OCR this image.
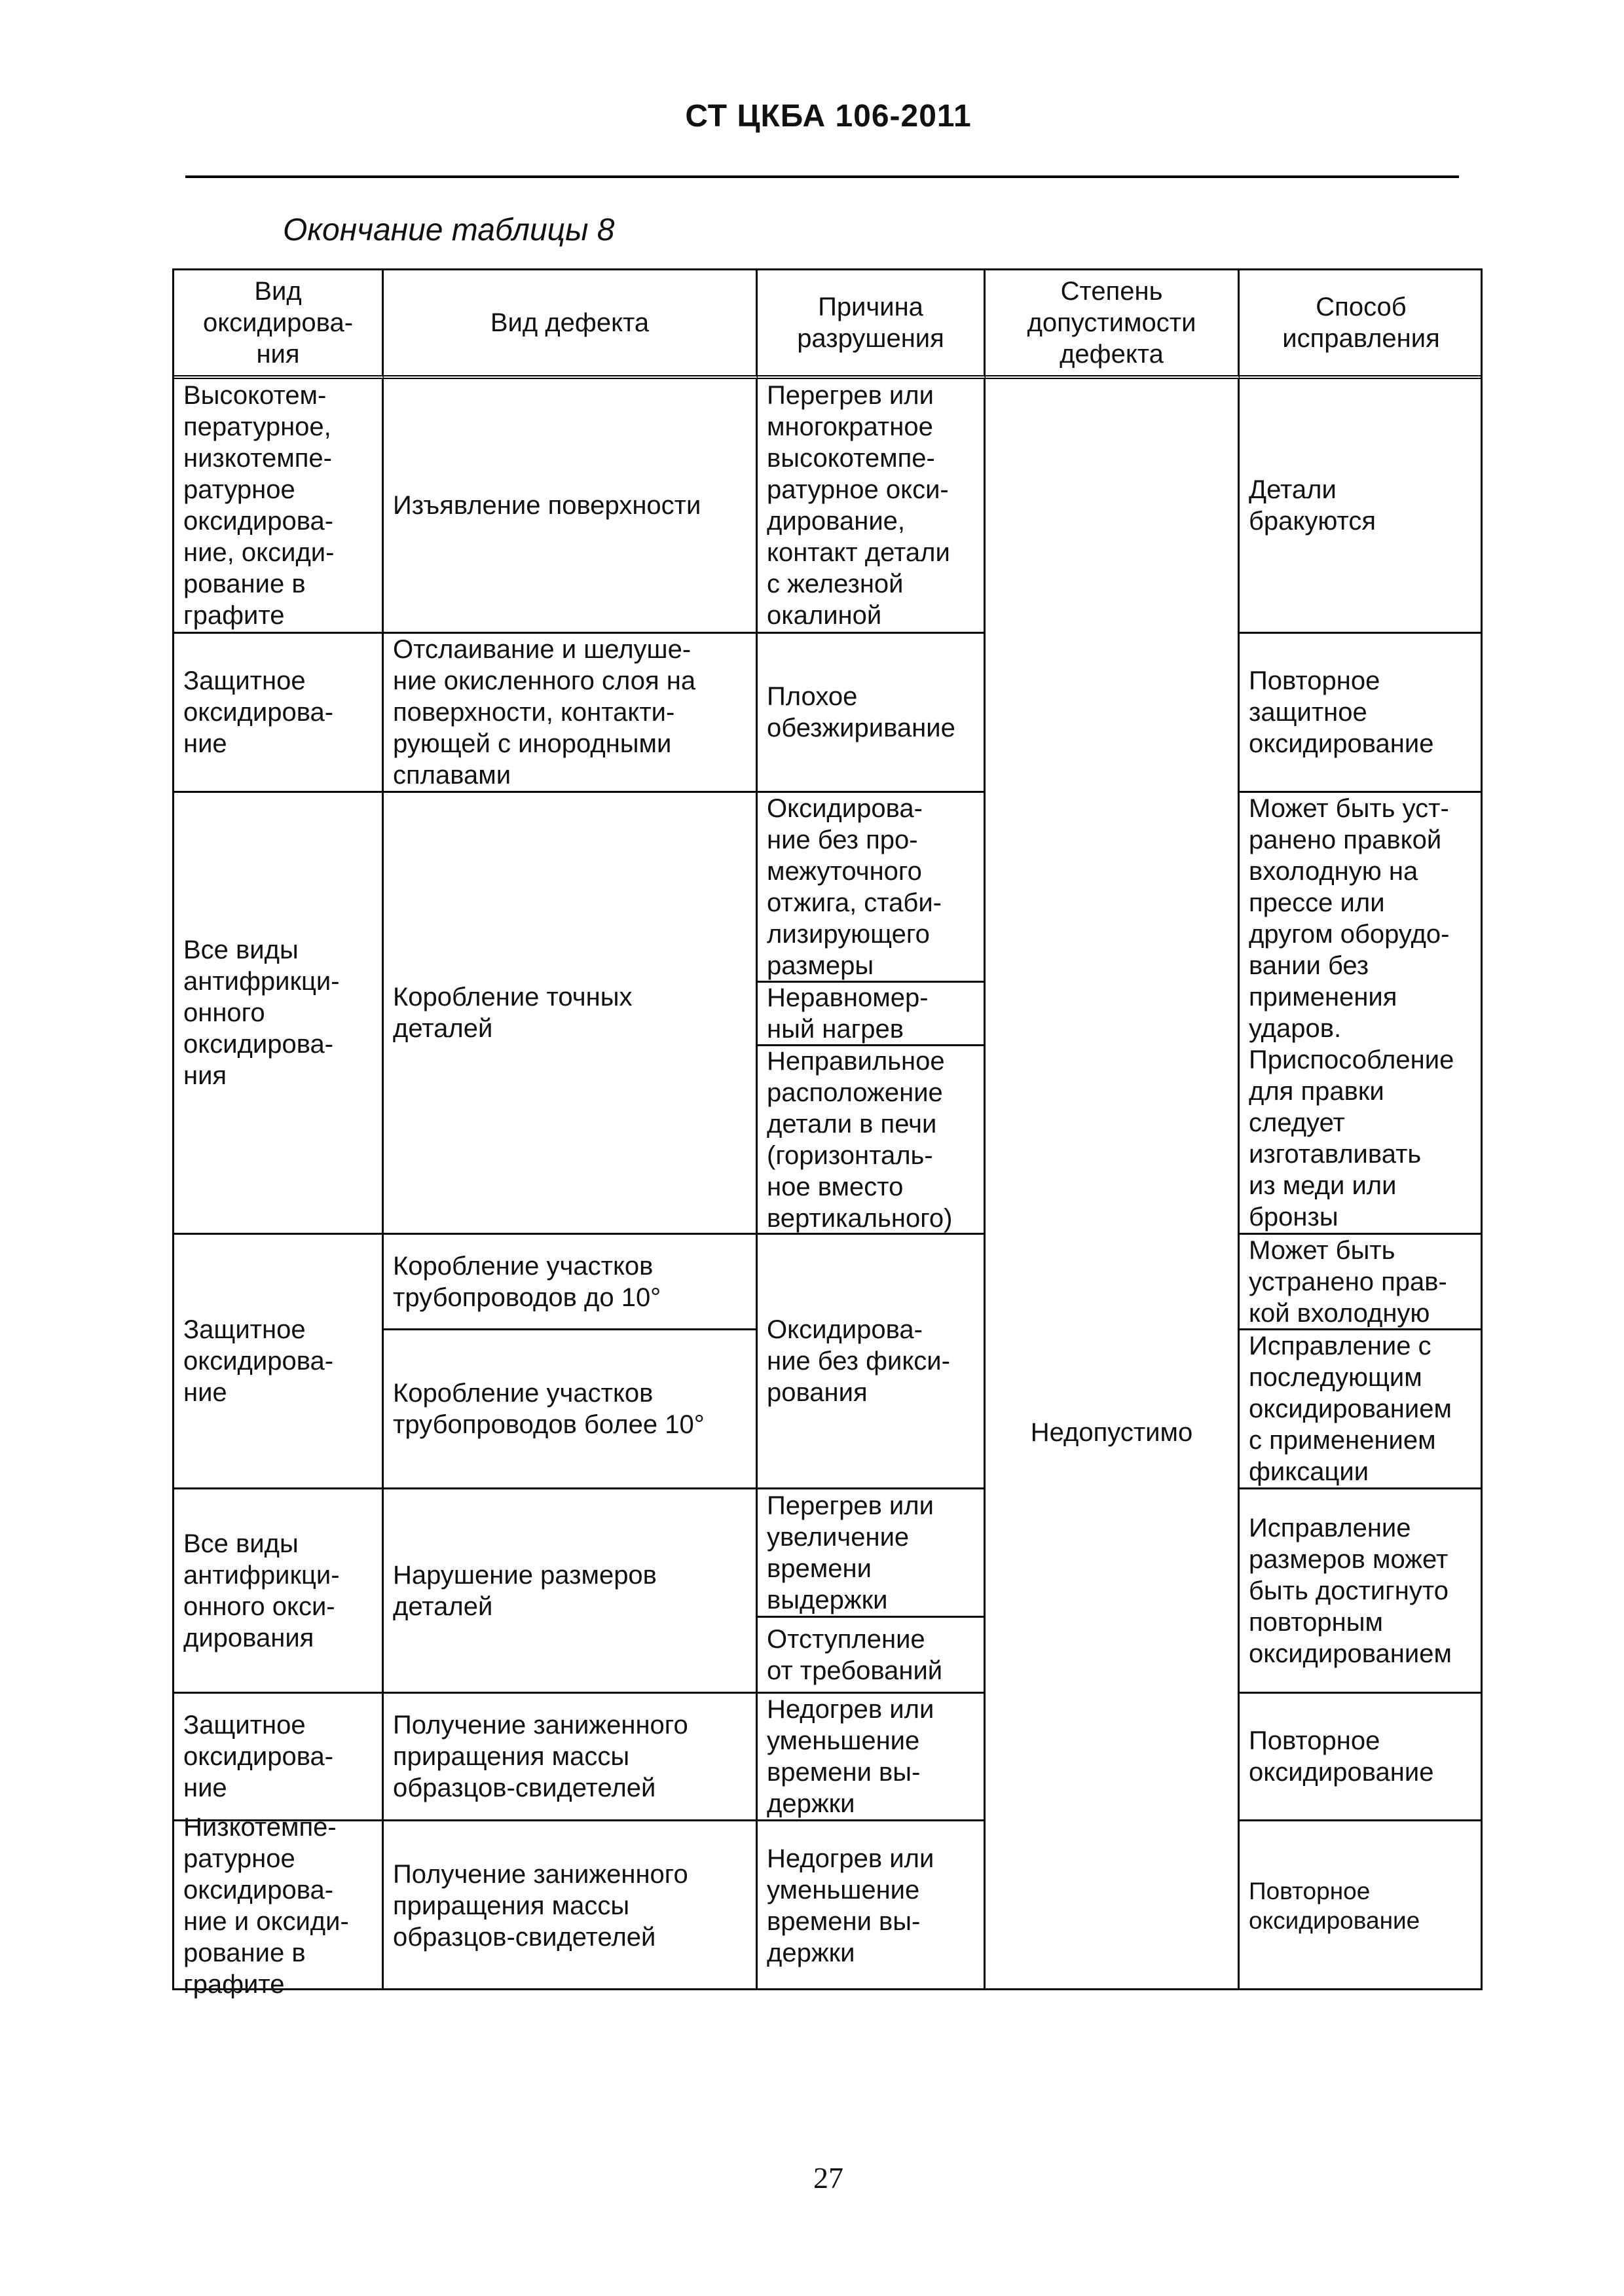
СТ ЦКБА 106-2011
Окончание таблицы 8
Вид
оксидирова-
ния
Вид дефекта
Причина
разрушения
Степень
допустимости
дефекта
Способ
исправления
Высокотем-
пературное,
низкотемпе-
ратурное
оксидирова-
ние, оксиди-
рование в
графите
Защитное
оксидирова-
ние
Все виды
антифрикци-
онного
оксидирова-
ния
Защитное
оксидирова-
ние
Все виды
антифрикци-
онного окси-
дирования
Защитное
оксидирова-
ние
Низкотемпе-
ратурное
оксидирова-
ние и оксиди-
рование в
графите
Изъявление поверхности
Отслаивание и шелуше-
ние окисленного слоя на
поверхности, контакти-
рующей с инородными
сплавами
Коробление точных
деталей
Коробление участков
трубопроводов до 10°
Коробление участков
трубопроводов более 10°
Нарушение размеров
деталей
Получение заниженного
приращения массы
образцов-свидетелей
Получение заниженного
приращения массы
образцов-свидетелей
Перегрев или
многократное
высокотемпе-
ратурное окси-
дирование,
контакт детали
с железной
окалиной
Плохое
обезжиривание
Оксидирова-
ние без про-
межуточного
отжига, стаби-
лизирующего
размеры
Неравномер-
ный нагрев
Неправильное
расположение
детали в печи
(горизонталь-
ное вместо
вертикального)
Оксидирова-
ние без фикси-
рования
Перегрев или
увеличение
времени
выдержки
Отступление
от требований
Недогрев или
уменьшение
времени вы-
держки
Недогрев или
уменьшение
времени вы-
держки
Недопустимо
Детали
бракуются
Повторное
защитное
оксидирование
Может быть уст-
ранено правкой
вхолодную на
прессе или
другом оборудо-
вании без
применения
ударов.
Приспособление
для правки
следует
изготавливать
из меди или
бронзы
Может быть
устранено прав-
кой вхолодную
Исправление с
последующим
оксидированием
с применением
фиксации
Исправление
размеров может
быть достигнуто
повторным
оксидированием
Повторное
оксидирование
Повторное
оксидирование
27
